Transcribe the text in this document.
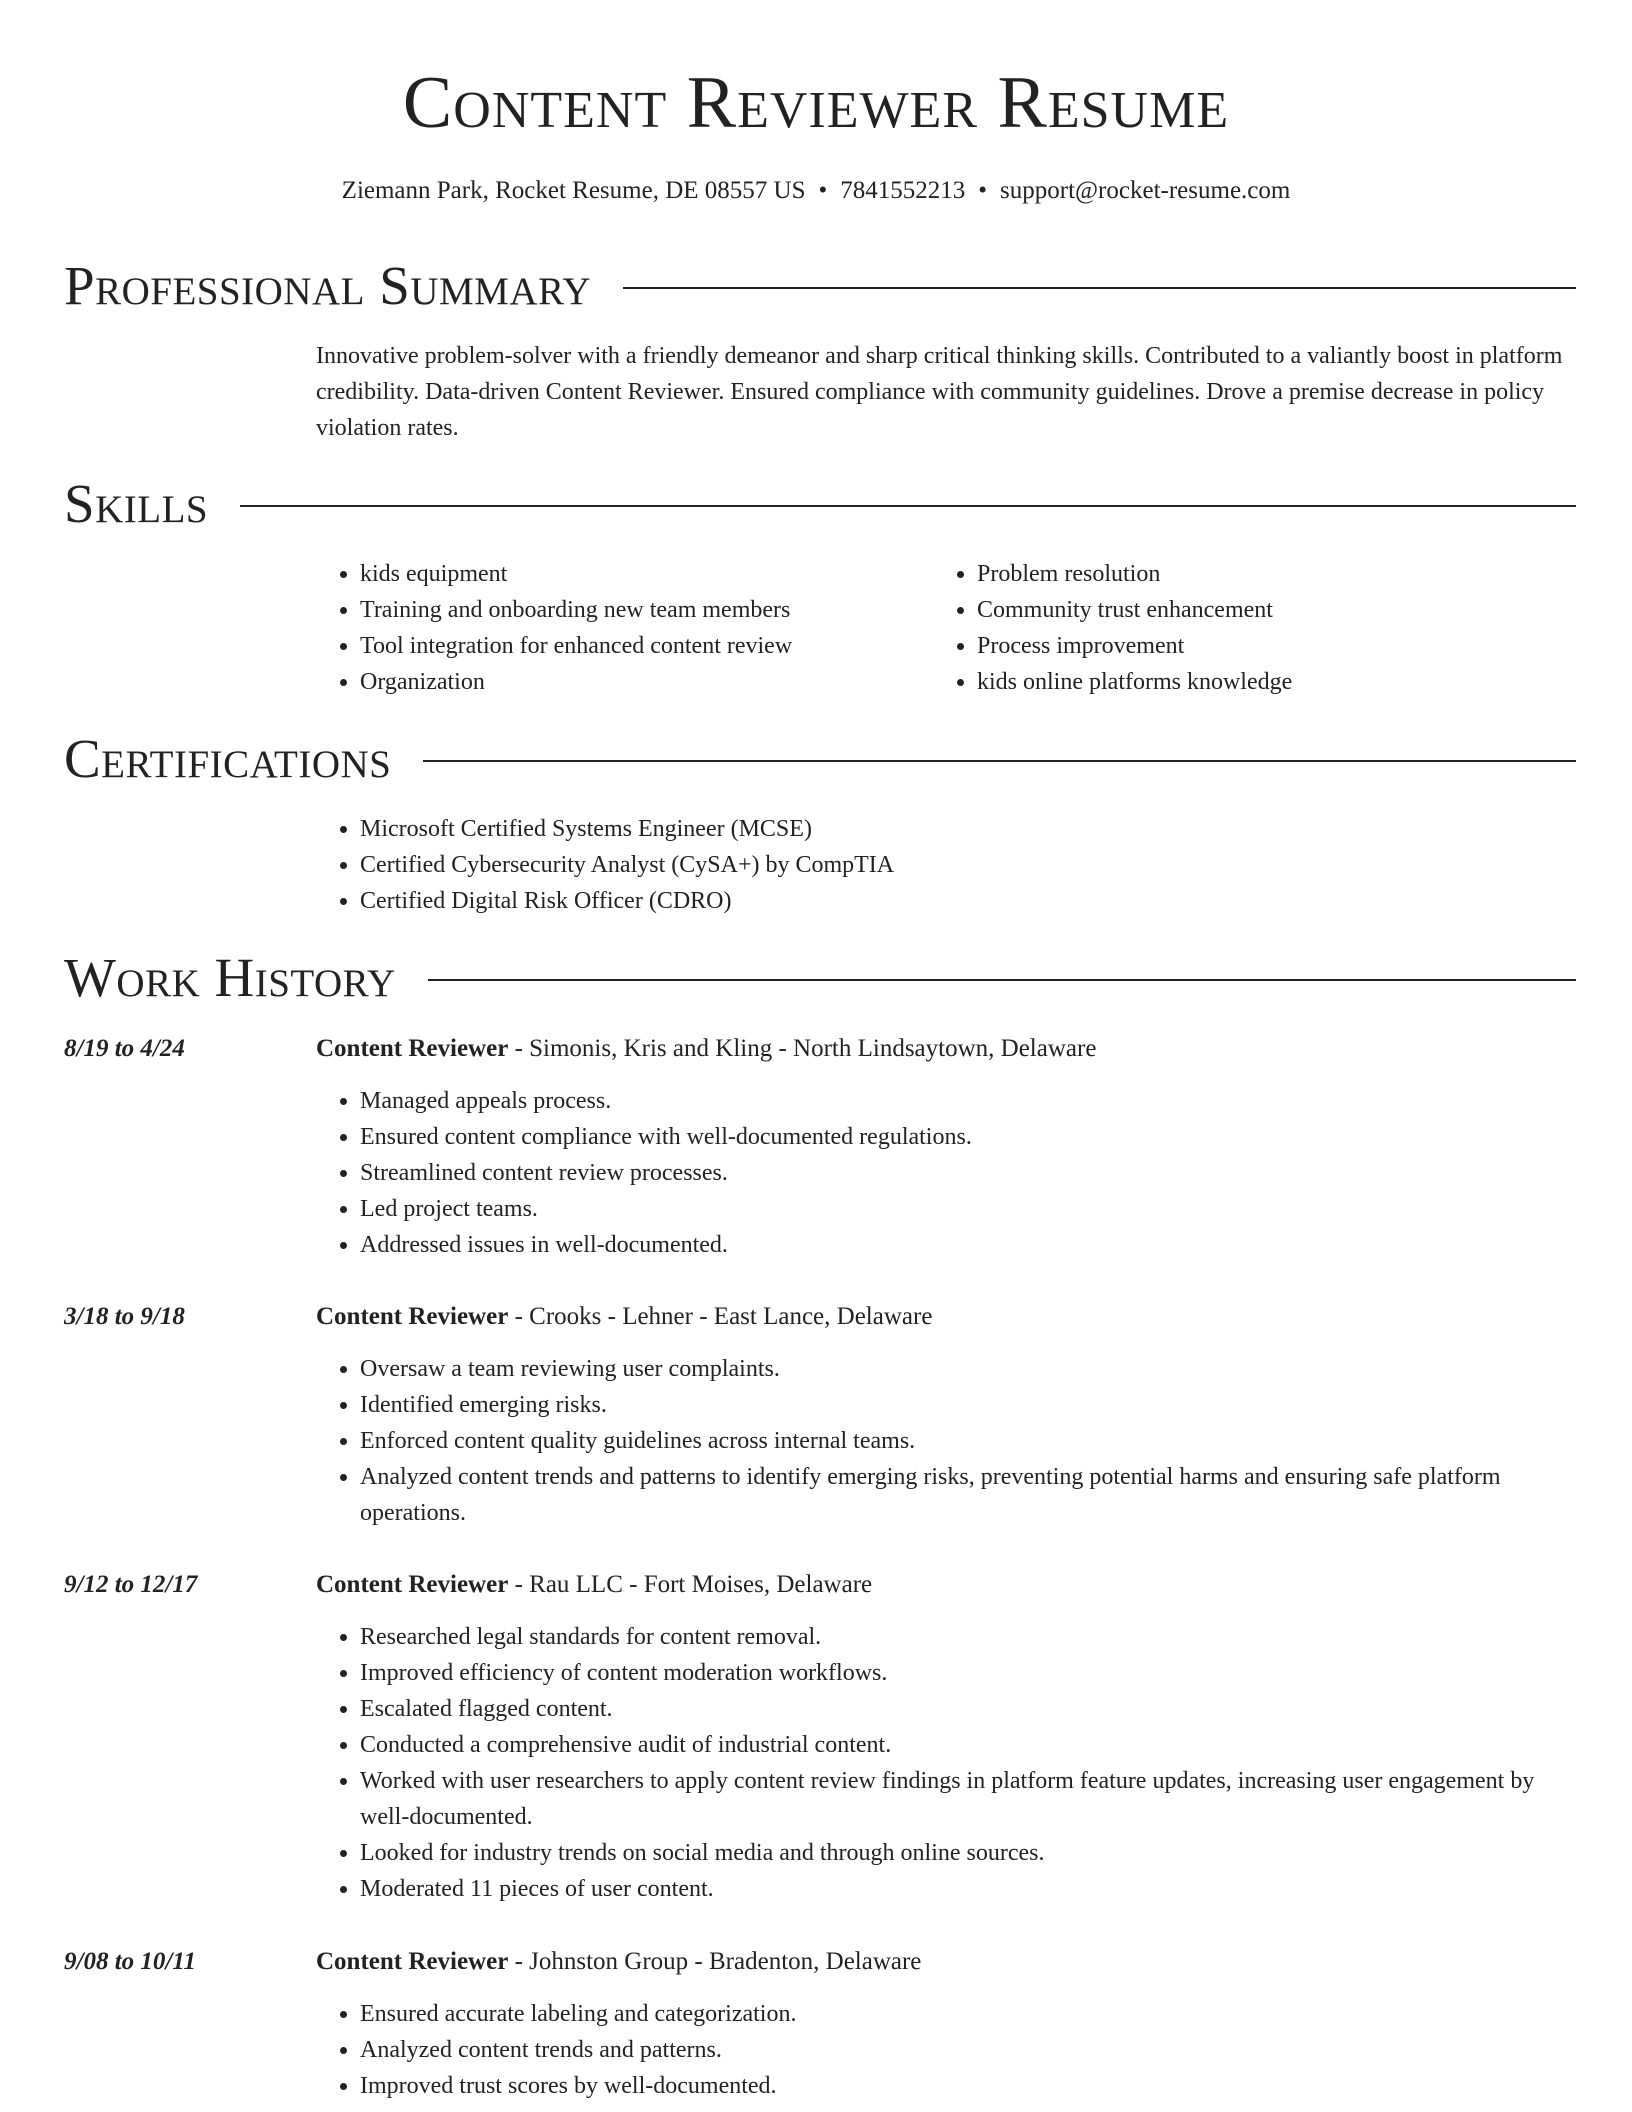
Content Reviewer Resume

Ziemann Park, Rocket Resume, DE 08557 US • 7841552213 • support@rocket-resume.com

Professional Summary

Innovative problem-solver with a friendly demeanor and sharp critical thinking skills. Contributed to a valiantly boost in platform credibility. Data-driven Content Reviewer. Ensured compliance with community guidelines. Drove a premise decrease in policy violation rates.

Skills
• kids equipment
• Training and onboarding new team members
• Tool integration for enhanced content review
• Organization
• Problem resolution
• Community trust enhancement
• Process improvement
• kids online platforms knowledge
Certifications
• Microsoft Certified Systems Engineer (MCSE)
• Certified Cybersecurity Analyst (CySA+) by CompTIA
• Certified Digital Risk Officer (CDRO)
Work History
8/19 to 4/24	Content Reviewer - Simonis, Kris and Kling - North Lindsaytown, Delaware
• Managed appeals process.
• Ensured content compliance with well-documented regulations.
• Streamlined content review processes.
• Led project teams.
• Addressed issues in well-documented.
3/18 to 9/18	Content Reviewer - Crooks - Lehner - East Lance, Delaware
• Oversaw a team reviewing user complaints.
• Identified emerging risks.
• Enforced content quality guidelines across internal teams.
• Analyzed content trends and patterns to identify emerging risks, preventing potential harms and ensuring safe platform operations.
9/12 to 12/17	Content Reviewer - Rau LLC - Fort Moises, Delaware
• Researched legal standards for content removal.
• Improved efficiency of content moderation workflows.
• Escalated flagged content.
• Conducted a comprehensive audit of industrial content.
• Worked with user researchers to apply content review findings in platform feature updates, increasing user engagement by well-documented.
• Looked for industry trends on social media and through online sources.
• Moderated 11 pieces of user content.
9/08 to 10/11	Content Reviewer - Johnston Group - Bradenton, Delaware
• Ensured accurate labeling and categorization.
• Analyzed content trends and patterns.
• Improved trust scores by well-documented.
